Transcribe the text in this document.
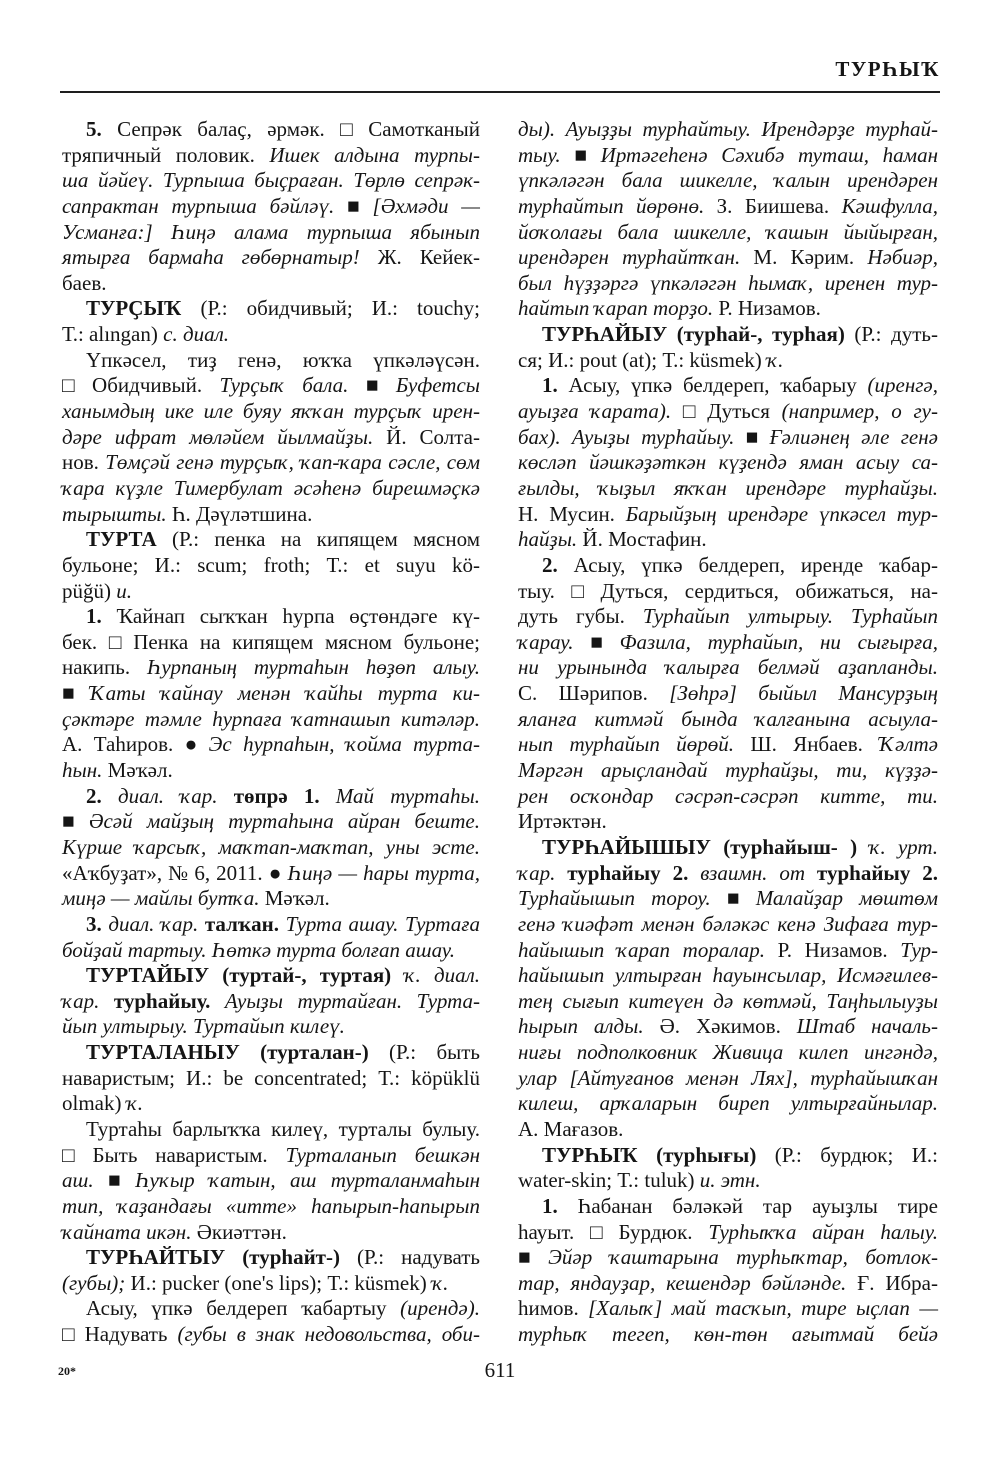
ТУРҺЫҠ
5. Сепрәк балаҫ, әрмәк. □ Самотканый
тряпичный половик. Ишек алдына турпы-
ша йәйеү. Турпыша быҫраған. Төрлө сепрәк-
сапрактан турпыша бәйләү. ■ [Әхмәди —
Усманға:] Һиңә алама турпыша ябынып
ятырға бармаһа гөбөрнатыр! Ж. Кейек-
баев.
ТУРҪЫҠ (Р.: обидчивый; И.: touchy;
Т.: alıngan) с. диал.
Үпкәсел, тиҙ генә, юҡҡа үпкәләүсән.
□ Обидчивый. Турҫыҡ бала. ■ Буфетсы
ханымдың ике иле буяу яҡҡан турҫыҡ ирен-
дәре ифрат мөләйем йылмайҙы. Й. Солта-
нов. Төмҫәй генә турҫыҡ, ҡап-ҡара сәсле, сөм
ҡара күҙле Тимербулат әсәһенә бирешмәҫкә
тырышты. Һ. Дәүләтшина.
ТУРТА (Р.: пенка на кипящем мясном
бульоне; И.: scum; froth; Т.: et suyu kö-
püğü) и.
1. Ҡайнап сыҡҡан һурпа өҫтөндәге кү-
бек. □ Пенка на кипящем мясном бульоне;
накипь. Һурпаның туртаһын һөҙөп алыу.
■ Ҡаты ҡайнау менән ҡайһы турта ки-
ҫәктәре тәмле һурпаға ҡатнашып китәләр.
А. Таһиров. ● Эс һурпаһын, ҡойма турта-
һын. Мәҡәл.
2. диал. ҡар. төпрә 1. Май туртаһы.
■ Әсәй майҙың туртаһына айран беште.
Күрше ҡарсыҡ, маҡтап-маҡтап, уны эсте.
«Аҡбуҙат», № 6, 2011. ● Һиңә — һары турта,
миңә — майлы бутҡа. Мәҡәл.
3. диал. ҡар. талҡан. Турта ашау. Туртаға
бойҙай тартыу. Һөткә турта болғап ашау.
ТУРТАЙЫУ (туртай-, туртая) ҡ. диал.
ҡар. турһайыу. Ауыҙы туртайған. Турта-
йып ултырыу. Туртайып килеү.
ТУРТАЛАНЫУ (турталан-) (Р.: быть
наваристым; И.: be concentrated; Т.: köpüklü
olmak) ҡ.
Туртаһы барлыҡҡа килеү, турталы булыу.
□ Быть наваристым. Турталанып бешкән
аш. ■ Һуҡыр ҡатын, аш турталанмаһын
тип, ҡаҙандағы «итте» һапырып-һапырып
ҡайната икән. Әкиәттән.
ТУРҺАЙТЫУ (турһайт-) (Р.: надувать
(губы); И.: pucker (one's lips); Т.: küsmek) ҡ.
Асыу, үпкә белдереп ҡабартыу (ирендә).
□ Надувать (губы в знак недовольства, оби-
ды). Ауыҙҙы турһайтыу. Ирендәрҙе турһай-
тыу. ■ Иртәгеһенә Сәхибә туташ, һаман
үпкәләгән бала шикелле, ҡалын ирендәрен
турһайтып йөрөнө. З. Биишева. Кәшфулла,
йоҡолағы бала шикелле, ҡашын йыйырған,
ирендәрен турһайтҡан. М. Кәрим. Нәбиәр,
был һүҙҙәргә үпкәләгән һымаҡ, иренен тур-
һайтып ҡарап торҙо. Р. Низамов.
ТУРҺАЙЫУ (турһай-, турһая) (Р.: дуть-
ся; И.: pout (at); Т.: küsmek) ҡ.
1. Асыу, үпкә белдереп, ҡабарыу (иренгә,
ауыҙға ҡарата). □ Дуться (например, о гу-
бах). Ауыҙы турһайыу. ■ Ғәлиәнең әле генә
көсләп йәшкәҙәткән күҙендә яман асыу са-
ғылды, ҡыҙыл яҡҡан ирендәре турһайҙы.
Н. Мусин. Барыйҙың ирендәре үпкәсел тур-
һайҙы. Й. Мостафин.
2. Асыу, үпкә белдереп, иренде ҡабар-
тыу. □ Дуться, сердиться, обижаться, на-
дуть губы. Турһайып ултырыу. Турһайып
ҡарау. ■ Фазила, турһайып, ни сығырға,
ни урынында ҡалырға белмәй аҙапланды.
С. Шәрипов. [Зөһрә] быйыл Мансурҙың
яланға китмәй бында ҡалғанына асыула-
нып турһайып йөрөй. Ш. Янбаев. Ҡәлтә
Мәргән арыҫландай турһайҙы, ти, күҙҙә-
рен осҡондар сәсрәп-сәсрәп китте, ти.
Иртәктән.
ТУРҺАЙЫШЫУ (турһайыш- ) ҡ. урт.
ҡар. турһайыу 2. взаимн. от турһайыу 2.
Турһайышып тороу. ■ Малайҙар мөштөм
генә ҡиәфәт менән бәләкәс кенә Зифаға тур-
һайышып ҡарап торалар. Р. Низамов. Тур-
һайышып ултырған һауынсылар, Исмәғилев-
тең сығып китеүен дә көтмәй, Таңһылыуҙы
һырып алды. Ә. Хәкимов. Штаб началь-
ниғы подполковник Живица килеп ингәндә,
улар [Айтуғанов менән Лях], турһайышҡан
килеш, арҡаларын биреп ултырғайнылар.
А. Мағазов.
ТУРҺЫҠ (турһығы) (Р.: бурдюк; И.:
water-skin; Т.: tuluk) и. этн.
1. Һабанан бәләкәй тар ауыҙлы тире
һауыт. □ Бурдюк. Турһыҡҡа айран һалыу.
■ Эйәр ҡаштарына турһыҡтар, ботлок-
тар, яндауҙар, кешендәр бәйләнде. Ғ. Ибра-
һимов. [Халыҡ] май тасҡып, тире ыҫлап —
турһыҡ тегеп, көн-төн ағытмай бейә
20*	611
